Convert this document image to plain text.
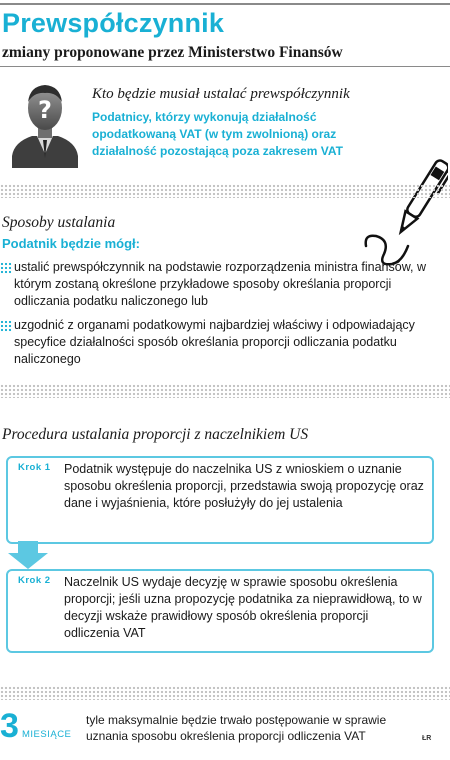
Prewspółczynnik
zmiany proponowane przez Ministerstwo Finansów
?
Kto będzie musiał ustalać prewspółczynnik
Podatnicy, którzy wykonują działalność opodatkowaną VAT (w tym zwolnioną) oraz działalność pozostającą poza zakresem VAT
Sposoby ustalania
Podatnik będzie mógł:
ustalić prewspółczynnik na podstawie rozporządzenia ministra finansów, w którym zostaną określone przykładowe sposoby określania proporcji odliczania podatku naliczonego lub
uzgodnić z organami podatkowymi najbardziej właściwy i odpowiadający specyfice działalności sposób określania proporcji odliczania podatku naliczonego
Procedura ustalania proporcji z naczelnikiem US
Krok 1 Podatnik występuje do naczelnika US z wnioskiem o uznanie sposobu określenia proporcji, przedstawia swoją propozycję oraz dane i wyjaśnienia, które posłużyły do jej ustalenia
Krok 2 Naczelnik US wydaje decyzję w sprawie sposobu określenia proporcji; jeśli uzna propozycję podatnika za nieprawidłową, to w decyzji wskaże prawidłowy sposób określenia proporcji odliczenia VAT
3 MIESIĄCE
tyle maksymalnie będzie trwało postępowanie w sprawie uznania sposobu określenia proporcji odliczenia VAT	ŁR
